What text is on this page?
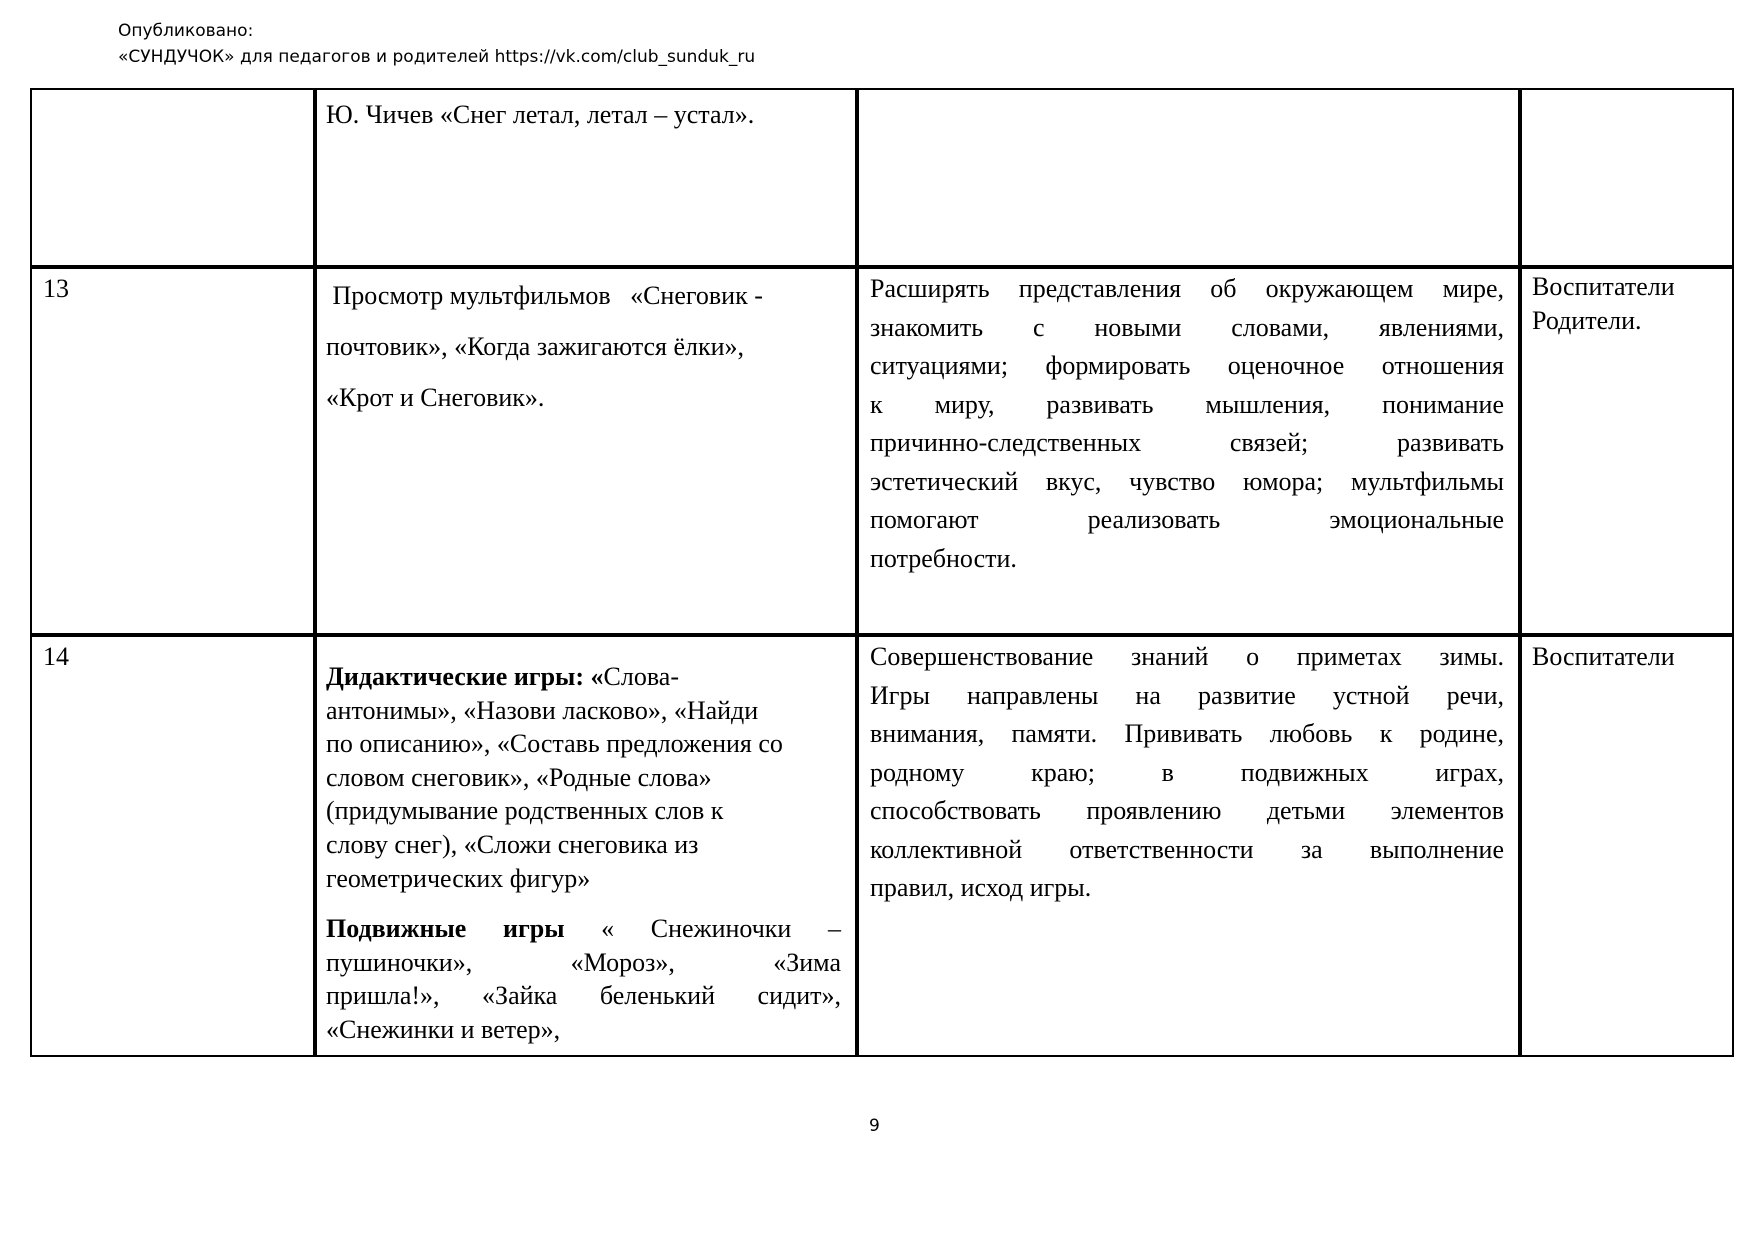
Опубликовано:
«СУНДУЧОК» для педагогов и родителей https://vk.com/club_sunduk_ru
Ю. Чичев «Снег летал, летал – устал».
13	Просмотр мультфильмов   «Снеговик -
почтовик», «Когда зажигаются ёлки»,
«Крот и Снеговик».
Расширять представления об окружающем мире,
знакомить с новыми словами, явлениями,
ситуациями; формировать оценочное отношения
к миру, развивать мышления, понимание
причинно-следственных связей; развивать
эстетический вкус, чувство юмора; мультфильмы
помогают реализовать эмоциональные
потребности.
Воспитатели
Родители.
14
Дидактические игры: «Слова-
антонимы», «Назови ласково», «Найди
по описанию», «Составь предложения со
словом снеговик», «Родные слова»
(придумывание родственных слов к
слову снег), «Сложи снеговика из
геометрических фигур»
Подвижные игры « Снежиночки –
пушиночки», «Мороз», «Зима
пришла!», «Зайка беленький сидит»,
«Снежинки и ветер»,
Совершенствование знаний о приметах зимы.
Игры направлены на развитие устной речи,
внимания, памяти. Прививать любовь к родине,
родному краю; в подвижных играх,
способствовать проявлению детьми элементов
коллективной ответственности за выполнение
правил, исход игры.
Воспитатели
9
